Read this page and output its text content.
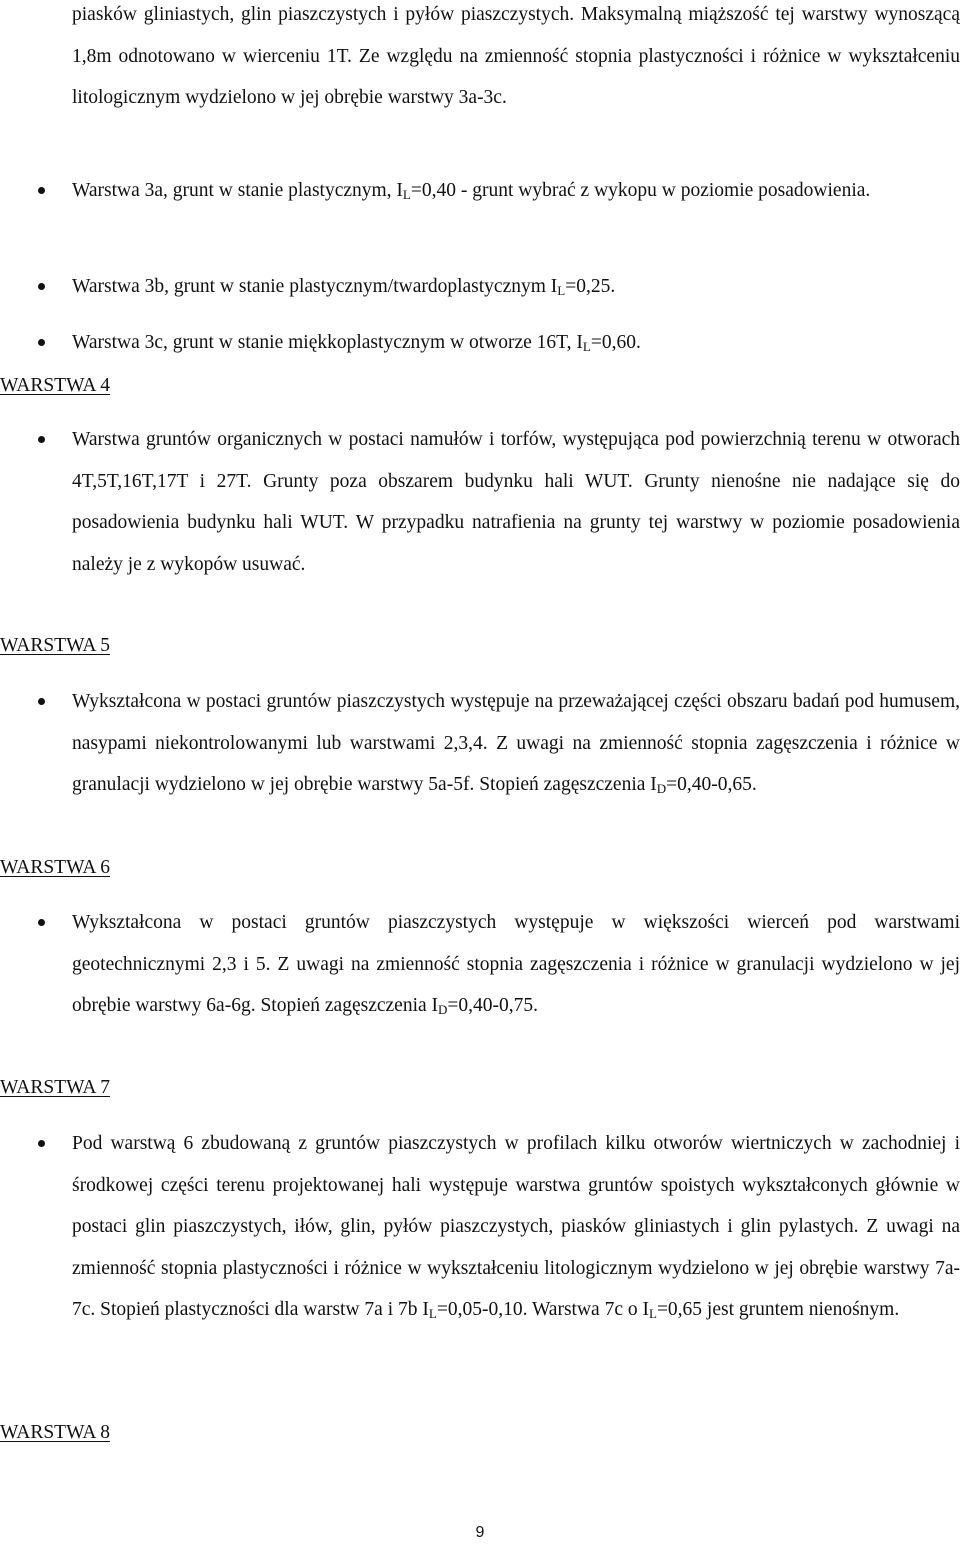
piasków gliniastych, glin piaszczystych i pyłów piaszczystych. Maksymalną miąższość tej warstwy wynoszącą 1,8m odnotowano w wierceniu 1T. Ze względu na zmienność stopnia plastyczności i różnice w wykształceniu litologicznym wydzielono w jej obrębie warstwy 3a-3c.
Warstwa 3a, grunt w stanie plastycznym, $I_L=0,40$ - grunt wybrać z wykopu w poziomie posadowienia.
Warstwa 3b, grunt w stanie plastycznym/twardoplastycznym $I_L=0,25$.
Warstwa 3c, grunt w stanie miękkoplastycznym w otworze 16T, $I_L=0,60$.
WARSTWA 4
Warstwa gruntów organicznych w postaci namułów i torfów, występująca pod powierzchnią terenu w otworach 4T,5T,16T,17T i 27T. Grunty poza obszarem budynku hali WUT. Grunty nienośne nie nadające się do posadowienia budynku hali WUT. W przypadku natrafienia na grunty tej warstwy w poziomie posadowienia należy je z wykopów usuwać.
WARSTWA 5
Wykształcona w postaci gruntów piaszczystych występuje na przeważającej części obszaru badań pod humusem, nasypami niekontrolowanymi lub warstwami 2,3,4. Z uwagi na zmienność stopnia zagęszczenia i różnice w granulacji wydzielono w jej obrębie warstwy 5a-5f. Stopień zagęszczenia $I_D=0,40-0,65$.
WARSTWA 6
Wykształcona w postaci gruntów piaszczystych występuje w większości wierceń pod warstwami geotechnicznymi 2,3 i 5. Z uwagi na zmienność stopnia zagęszczenia i różnice w granulacji wydzielono w jej obrębie warstwy 6a-6g. Stopień zagęszczenia $I_D=0,40-0,75$.
WARSTWA 7
Pod warstwą 6 zbudowaną z gruntów piaszczystych w profilach kilku otworów wiertniczych w zachodniej i środkowej części terenu projektowanej hali występuje warstwa gruntów spoistych wykształconych głównie w postaci glin piaszczystych, iłów, glin, pyłów piaszczystych, piasków gliniastych i glin pylastych. Z uwagi na zmienność stopnia plastyczności i różnice w wykształceniu litologicznym wydzielono w jej obrębie warstwy 7a-7c. Stopień plastyczności dla warstw 7a i 7b $I_L=0,05-0,10$. Warstwa 7c o $I_L=0,65$ jest gruntem nienośnym.
WARSTWA 8
9
